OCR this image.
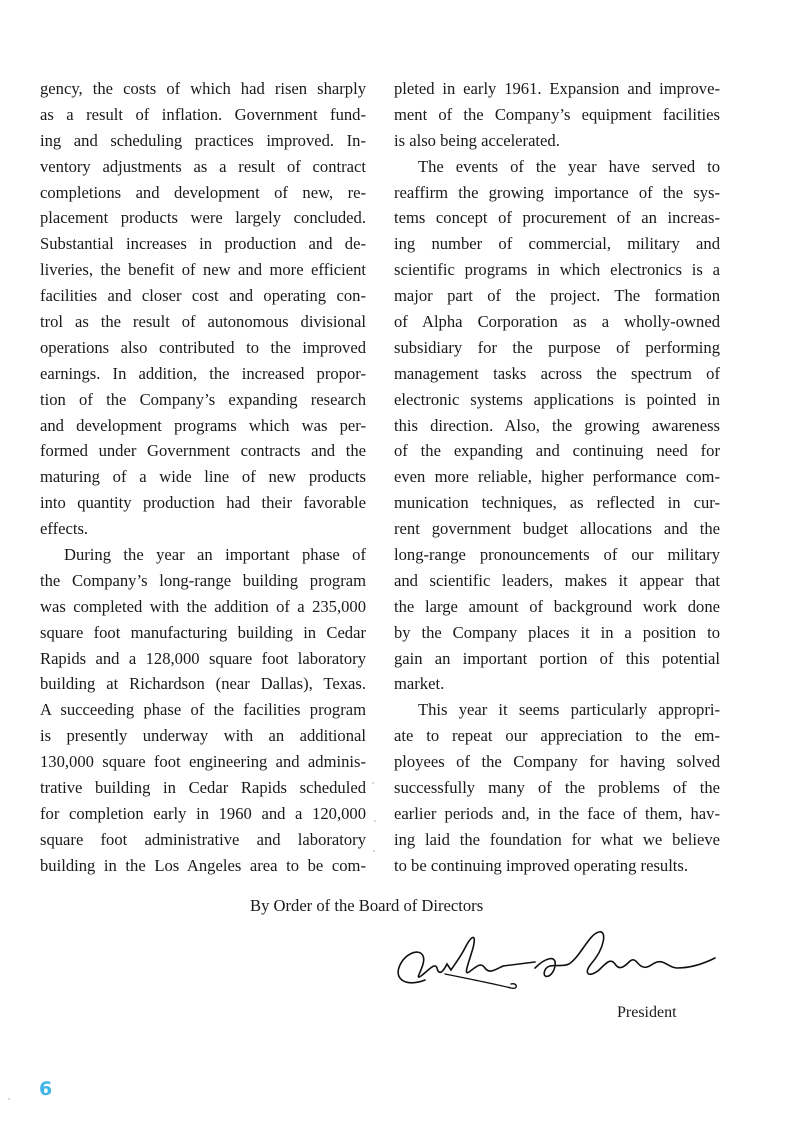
gency, the costs of which had risen sharply
as a result of inflation. Government fund-
ing and scheduling practices improved. In-
ventory adjustments as a result of contract
completions and development of new, re-
placement products were largely concluded.
Substantial increases in production and de-
liveries, the benefit of new and more efficient
facilities and closer cost and operating con-
trol as the result of autonomous divisional
operations also contributed to the improved
earnings. In addition, the increased propor-
tion of the Company’s expanding research
and development programs which was per-
formed under Government contracts and the
maturing of a wide line of new products
into quantity production had their favorable
effects.
During the year an important phase of
the Company’s long-range building program
was completed with the addition of a 235,000
square foot manufacturing building in Cedar
Rapids and a 128,000 square foot laboratory
building at Richardson (near Dallas), Texas.
A succeeding phase of the facilities program
is presently underway with an additional
130,000 square foot engineering and adminis-
trative building in Cedar Rapids scheduled
for completion early in 1960 and a 120,000
square foot administrative and laboratory
building in the Los Angeles area to be com-
pleted in early 1961. Expansion and improve-
ment of the Company’s equipment facilities
is also being accelerated.
The events of the year have served to
reaffirm the growing importance of the sys-
tems concept of procurement of an increas-
ing number of commercial, military and
scientific programs in which electronics is a
major part of the project. The formation
of Alpha Corporation as a wholly-owned
subsidiary for the purpose of performing
management tasks across the spectrum of
electronic systems applications is pointed in
this direction. Also, the growing awareness
of the expanding and continuing need for
even more reliable, higher performance com-
munication techniques, as reflected in cur-
rent government budget allocations and the
long-range pronouncements of our military
and scientific leaders, makes it appear that
the large amount of background work done
by the Company places it in a position to
gain an important portion of this potential
market.
This year it seems particularly appropri-
ate to repeat our appreciation to the em-
ployees of the Company for having solved
successfully many of the problems of the
earlier periods and, in the face of them, hav-
ing laid the foundation for what we believe
to be continuing improved operating results.
By Order of the Board of Directors
President
6
